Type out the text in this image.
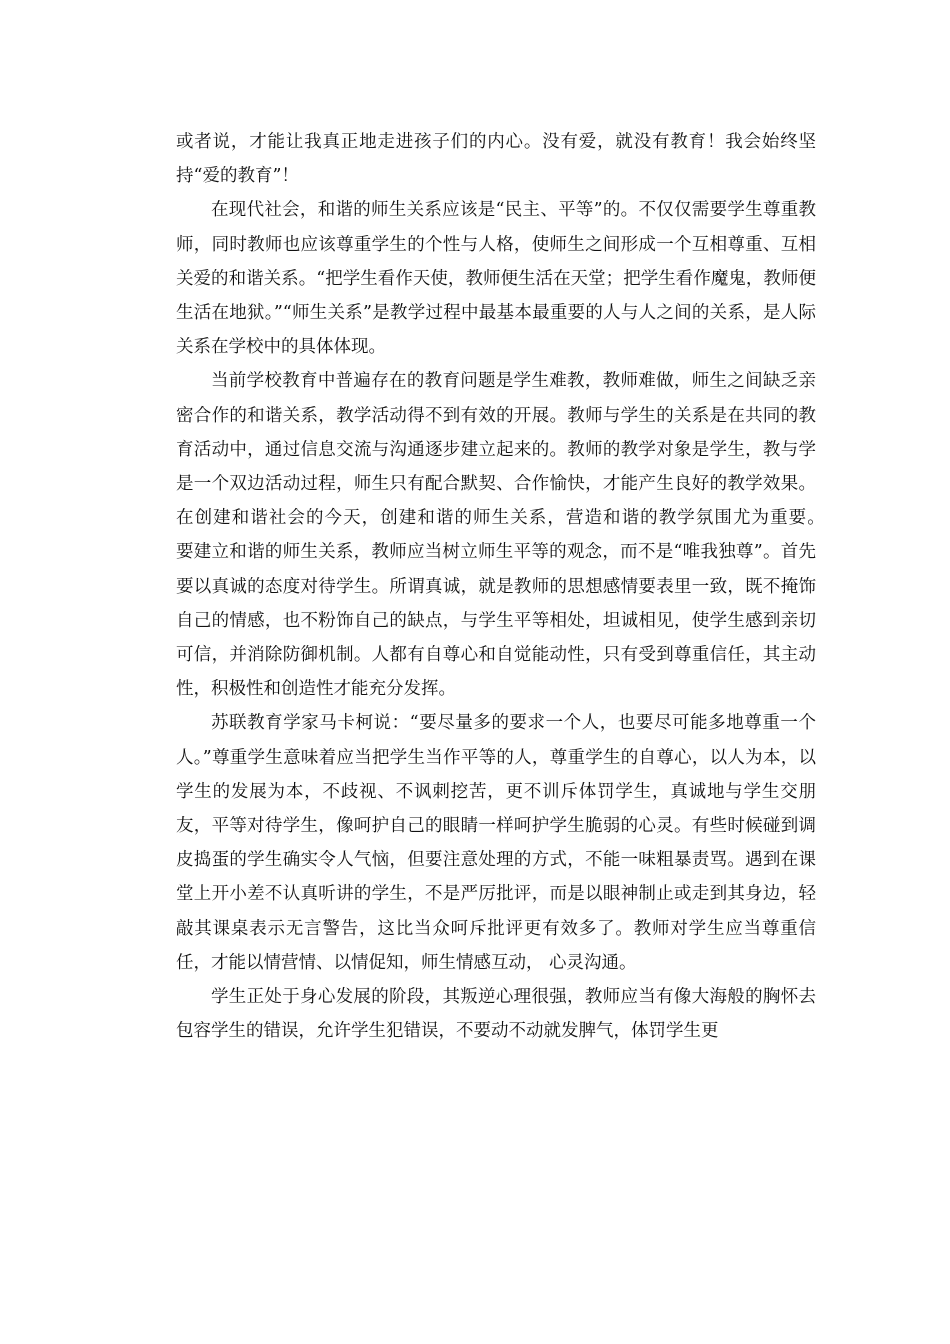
或者说，才能让我真正地走进孩子们的内心。没有爱，就没有教育！我会始终坚持“爱的教育”！

在现代社会，和谐的师生关系应该是“民主、平等”的。不仅仅需要学生尊重教师，同时教师也应该尊重学生的个性与人格，使师生之间形成一个互相尊重、互相关爱的和谐关系。“把学生看作天使，教师便生活在天堂；把学生看作魔鬼，教师便生活在地狱。”“师生关系”是教学过程中最基本最重要的人与人之间的关系，是人际关系在学校中的具体体现。

当前学校教育中普遍存在的教育问题是学生难教，教师难做，师生之间缺乏亲密合作的和谐关系，教学活动得不到有效的开展。教师与学生的关系是在共同的教育活动中，通过信息交流与沟通逐步建立起来的。教师的教学对象是学生，教与学是一个双边活动过程，师生只有配合默契、合作愉快，才能产生良好的教学效果。在创建和谐社会的今天，创建和谐的师生关系，营造和谐的教学氛围尤为重要。　 要建立和谐的师生关系，教师应当树立师生平等的观念，而不是“唯我独尊”。首先要以真诚的态度对待学生。所谓真诚，就是教师的思想感情要表里一致，既不掩饰自己的情感，也不粉饰自己的缺点，与学生平等相处，坦诚相见，使学生感到亲切可信，并消除防御机制。人都有自尊心和自觉能动性，只有受到尊重信任，其主动性，积极性和创造性才能充分发挥。

苏联教育学家马卡柯说：“要尽量多的要求一个人，也要尽可能多地尊重一个人。”尊重学生意味着应当把学生当作平等的人，尊重学生的自尊心，以人为本，以学生的发展为本，不歧视、不讽刺挖苦，更不训斥体罚学生，真诚地与学生交朋友，平等对待学生，像呵护自己的眼睛一样呵护学生脆弱的心灵。有些时候碰到调皮捣蛋的学生确实令人气恼，但要注意处理的方式，不能一味粗暴责骂。遇到在课堂上开小差不认真听讲的学生，不是严厉批评，而是以眼神制止或走到其身边，轻敲其课桌表示无言警告，这比当众呵斥批评更有效多了。教师对学生应当尊重信任，才能以情营情、以情促知，师生情感互动， 心灵沟通。

学生正处于身心发展的阶段，其叛逆心理很强，教师应当有像大海般的胸怀去包容学生的错误，允许学生犯错误，不要动不动就发脾气，体罚学生更
